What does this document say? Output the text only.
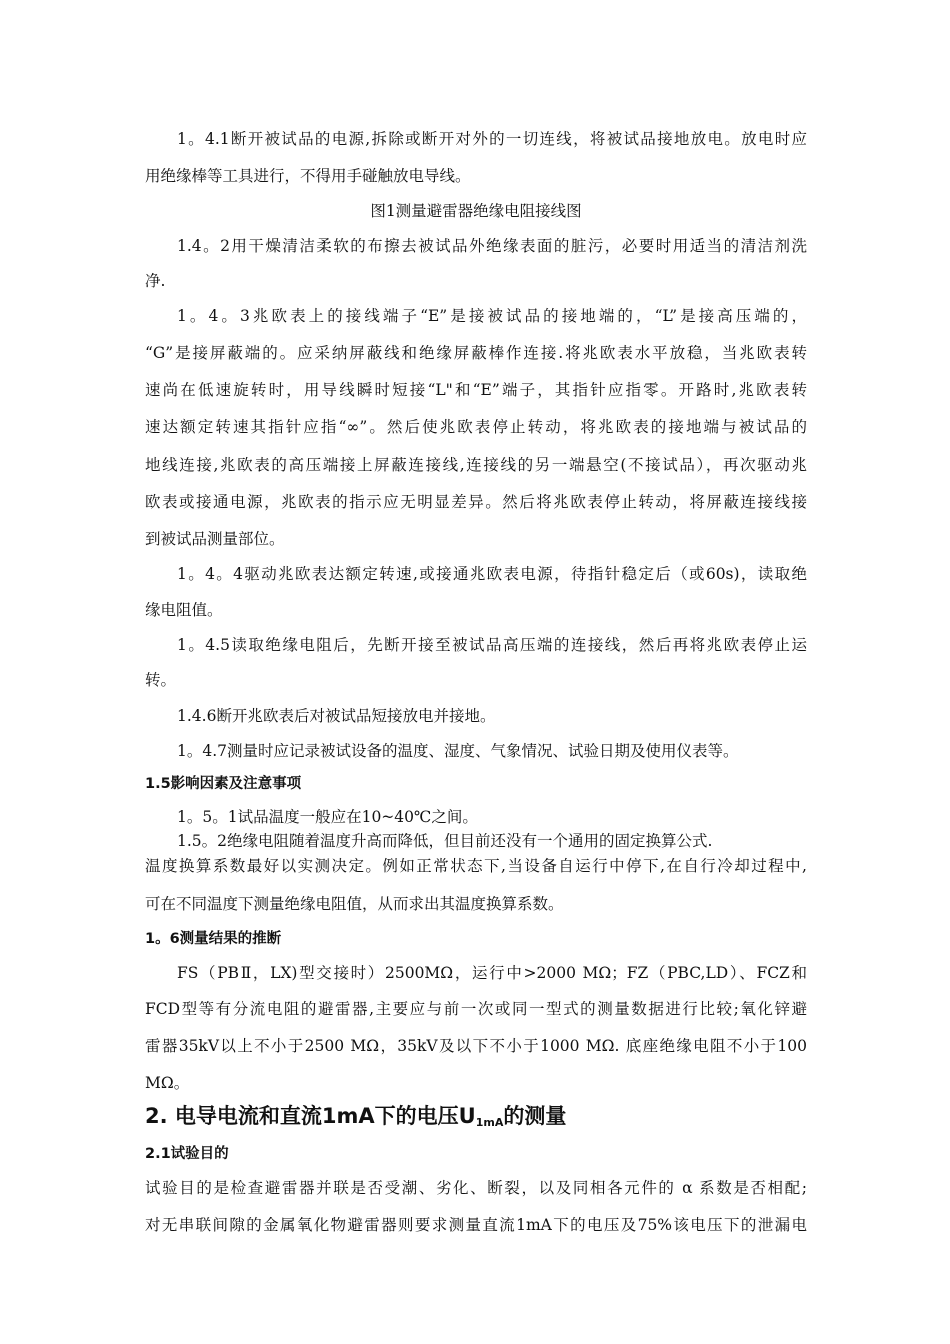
1。4.1断开被试品的电源,拆除或断开对外的一切连线，将被试品接地放电。放电时应
用绝缘棒等工具进行，不得用手碰触放电导线。
图1测量避雷器绝缘电阻接线图
1.4。2用干燥清洁柔软的布擦去被试品外绝缘表面的脏污，必要时用适当的清洁剂洗
净.
1。4。3兆欧表上的接线端子“E”是接被试品的接地端的，“L”是接高压端的，
“G”是接屏蔽端的。应采纳屏蔽线和绝缘屏蔽棒作连接.将兆欧表水平放稳，当兆欧表转
速尚在低速旋转时，用导线瞬时短接“L"和“E”端子，其指针应指零。开路时,兆欧表转
速达额定转速其指针应指“∞”。然后使兆欧表停止转动，将兆欧表的接地端与被试品的
地线连接,兆欧表的高压端接上屏蔽连接线,连接线的另一端悬空(不接试品），再次驱动兆
欧表或接通电源，兆欧表的指示应无明显差异。然后将兆欧表停止转动，将屏蔽连接线接
到被试品测量部位。
1。4。4驱动兆欧表达额定转速,或接通兆欧表电源，待指针稳定后（或60s)，读取绝
缘电阻值。
1。4.5读取绝缘电阻后，先断开接至被试品高压端的连接线，然后再将兆欧表停止运
转。
1.4.6断开兆欧表后对被试品短接放电并接地。
1。4.7测量时应记录被试设备的温度、湿度、气象情况、试验日期及使用仪表等。
1.5影响因素及注意事项
1。5。1试品温度一般应在10~40℃之间。
1.5。2绝缘电阻随着温度升高而降低，但目前还没有一个通用的固定换算公式.
温度换算系数最好以实测决定。例如正常状态下,当设备自运行中停下,在自行冷却过程中,
可在不同温度下测量绝缘电阻值，从而求出其温度换算系数。
1。6测量结果的推断
FS（PBⅡ，LX)型交接时）2500MΩ，运行中>2000 MΩ；FZ（PBC,LD）、FCZ和
FCD型等有分流电阻的避雷器,主要应与前一次或同一型式的测量数据进行比较;氧化锌避
雷器35kV以上不小于2500 MΩ，35kV及以下不小于1000 MΩ. 底座绝缘电阻不小于100
MΩ。
2. 电导电流和直流1mA下的电压$U_{1mA}$的测量
2.1试验目的
试验目的是检查避雷器并联是否受潮、劣化、断裂，以及同相各元件的 α 系数是否相配;
对无串联间隙的金属氧化物避雷器则要求测量直流1mA下的电压及75%该电压下的泄漏电
